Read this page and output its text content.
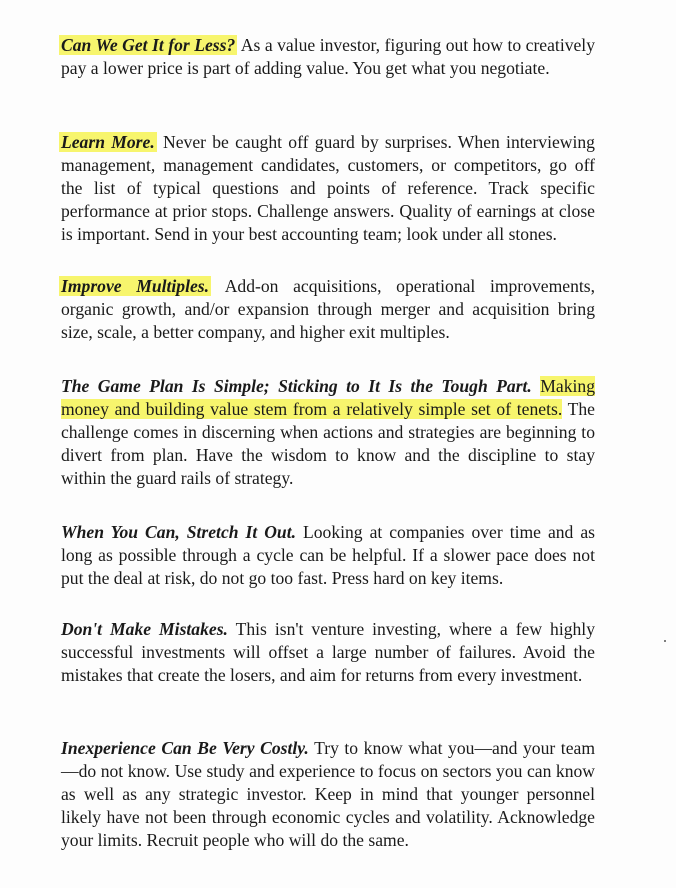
Can We Get It for Less? As a value investor, figuring out how to creatively pay a lower price is part of adding value. You get what you negotiate.

Learn More. Never be caught off guard by surprises. When interviewing management, management candidates, customers, or competitors, go off the list of typical questions and points of reference. Track specific performance at prior stops. Challenge answers. Quality of earnings at close is important. Send in your best accounting team; look under all stones.

Improve Multiples. Add-on acquisitions, operational improvements, organic growth, and/or expansion through merger and acquisition bring size, scale, a better company, and higher exit multiples.

The Game Plan Is Simple; Sticking to It Is the Tough Part. Making money and building value stem from a relatively simple set of tenets. The challenge comes in discerning when actions and strategies are beginning to divert from plan. Have the wisdom to know and the discipline to stay within the guard rails of strategy.

When You Can, Stretch It Out. Looking at companies over time and as long as possible through a cycle can be helpful. If a slower pace does not put the deal at risk, do not go too fast. Press hard on key items.

Don't Make Mistakes. This isn't venture investing, where a few highly successful investments will offset a large number of failures. Avoid the mistakes that create the losers, and aim for returns from every investment.

Inexperience Can Be Very Costly. Try to know what you—and your team—do not know. Use study and experience to focus on sectors you can know as well as any strategic investor. Keep in mind that younger personnel likely have not been through economic cycles and volatility. Acknowledge your limits. Recruit people who will do the same.
